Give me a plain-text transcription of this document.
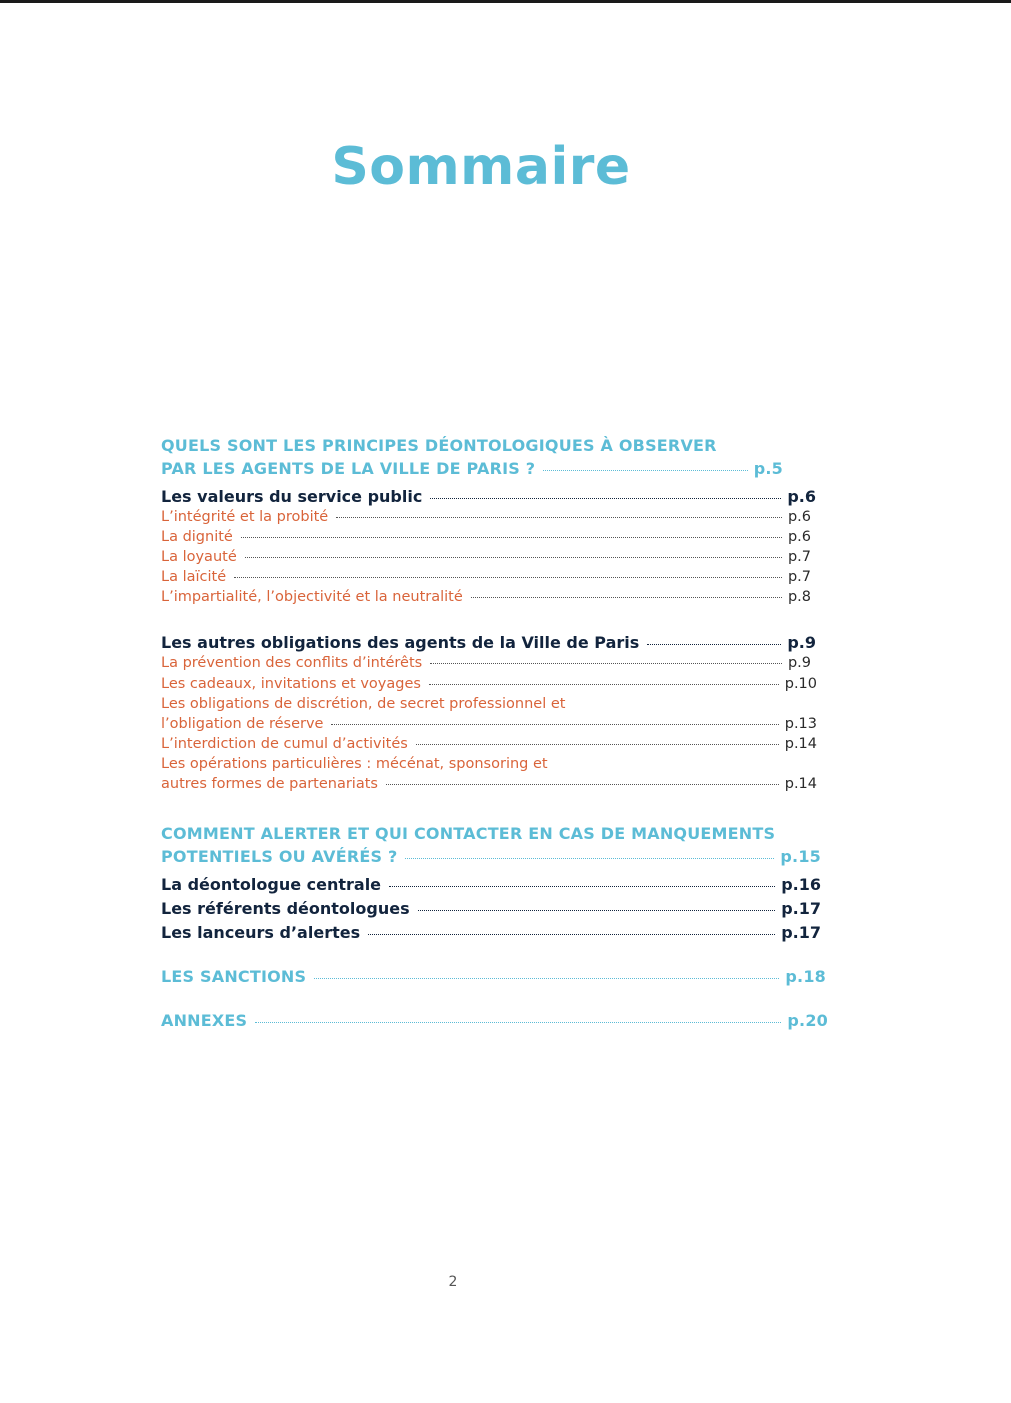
Sommaire
QUELS SONT LES PRINCIPES DÉONTOLOGIQUES À OBSERVER
PAR LES AGENTS DE LA VILLE DE PARIS ?	p.5
Les valeurs du service public	p.6
L’intégrité et la probité	p.6
La dignité	p.6
La loyauté	p.7
La laïcité	p.7
L’impartialité, l’objectivité et la neutralité	p.8
Les autres obligations des agents de la Ville de Paris	p.9
La prévention des conflits d’intérêts	p.9
Les cadeaux, invitations et voyages	p.10
Les obligations de discrétion, de secret professionnel et
l’obligation de réserve	p.13
L’interdiction de cumul d’activités	p.14
Les opérations particulières : mécénat, sponsoring et
autres formes de partenariats	p.14
COMMENT ALERTER ET QUI CONTACTER EN CAS DE MANQUEMENTS
POTENTIELS OU AVÉRÉS ?	p.15
La déontologue centrale	p.16
Les référents déontologues	p.17
Les lanceurs d’alertes	p.17
LES SANCTIONS	p.18
ANNEXES	p.20
2
